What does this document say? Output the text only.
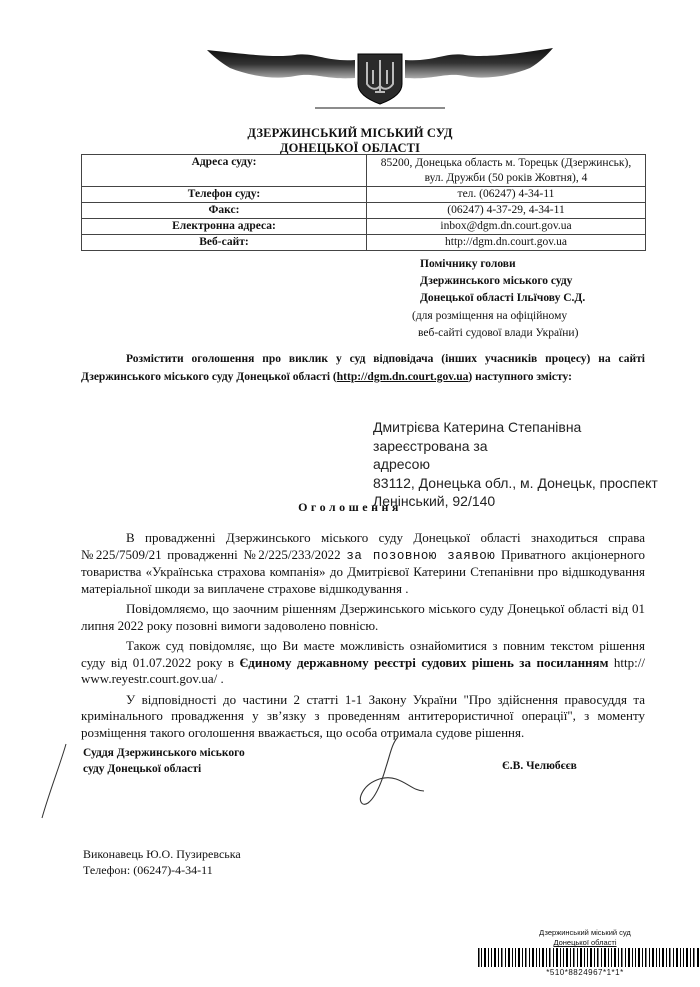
ДЗЕРЖИНСЬКИЙ МІСЬКИЙ СУД
ДОНЕЦЬКОЇ ОБЛАСТІ
Адреса суду:	85200, Донецька область м. Торецьк (Дзержинськ),
вул. Дружби (50 років Жовтня), 4

Телефон суду:	тел. (06247) 4-34-11
Факс:	(06247) 4-37-29, 4-34-11
Електронна адреса:	inbox@dgm.dn.court.gov.ua
Веб-сайт:	http://dgm.dn.court.gov.ua
Помічнику голови
Дзержинського міського суду
Донецької області Ільїчову С.Д.
(для розміщення на офіційному
веб-сайті судової влади України)
Розмістити оголошення про виклик у суд відповідача (інших учасників процесу) на сайті
Дзержинського міського суду Донецької області (http://dgm.dn.court.gov.ua) наступного змісту:
Дмитрієва Катерина Степанівна зареєстрована за
адресою
83112, Донецька обл., м. Донецьк, проспект
Ленінський, 92/140
Оголошення

В провадженні Дзержинського міського суду Донецької області знаходиться справа №225/7509/21 провадженні №2/225/233/2022 за позовною заявою Приватного акціонерного товариства «Українська страхова компанія» до Дмитрієвої Катерини Степанівни про відшкодування матеріальної шкоди за виплачене страхове відшкодування .

Повідомляємо, що заочним рішенням Дзержинського міського суду Донецької області від 01 липня 2022 року позовні вимоги задоволено повнісю.

Також суд повідомляє, що Ви маєте можливість ознайомитися з повним текстом рішення суду від 01.07.2022 року в Єдиному державному реєстрі судових рішень за посиланням http:// www.reyestr.court.gov.ua/ .

У відповідності до частини 2 статті 1-1 Закону України "Про здійснення правосуддя та кримінального провадження у зв’язку з проведенням антитерористичної операції", з моменту розміщення такого оголошення вважається, що особа отримала судове рішення.

Суддя Дзержинського міського
суду Донецької області	Є.В. Челюбєєв
Виконавець Ю.О. Пузиревська
Телефон: (06247)-4-34-11
Дзержинський міський суд
Донецької області
*510*8824967*1*1*
